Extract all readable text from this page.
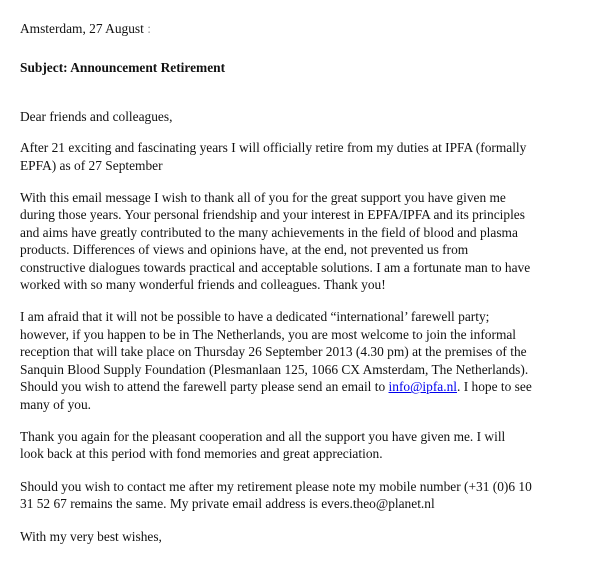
Amsterdam, 27 August :
Subject: Announcement Retirement
Dear friends and colleagues,
After 21 exciting and fascinating years I will officially retire from my duties at IPFA (formally
EPFA) as of 27 September
With this email message I wish to thank all of you for the great support you have given me
during those years. Your personal friendship and your interest in EPFA/IPFA and its principles
and aims have greatly contributed to the many achievements in the field of blood and plasma
products. Differences of views and opinions have, at the end, not prevented us from
constructive dialogues towards practical and acceptable solutions. I am a fortunate man to have
worked with so many wonderful friends and colleagues. Thank you!
I am afraid that it will not be possible to have a dedicated “international’ farewell party;
however, if you happen to be in The Netherlands, you are most welcome to join the informal
reception that will take place on Thursday 26 September 2013 (4.30 pm) at the premises of the
Sanquin Blood Supply Foundation (Plesmanlaan 125, 1066 CX Amsterdam, The Netherlands).
Should you wish to attend the farewell party please send an email to info@ipfa.nl. I hope to see
many of you.
Thank you again for the pleasant cooperation and all the support you have given me. I will
look back at this period with fond memories and great appreciation.
Should you wish to contact me after my retirement please note my mobile number (+31 (0)6 10
31 52 67 remains the same. My private email address is evers.theo@planet.nl
With my very best wishes,
